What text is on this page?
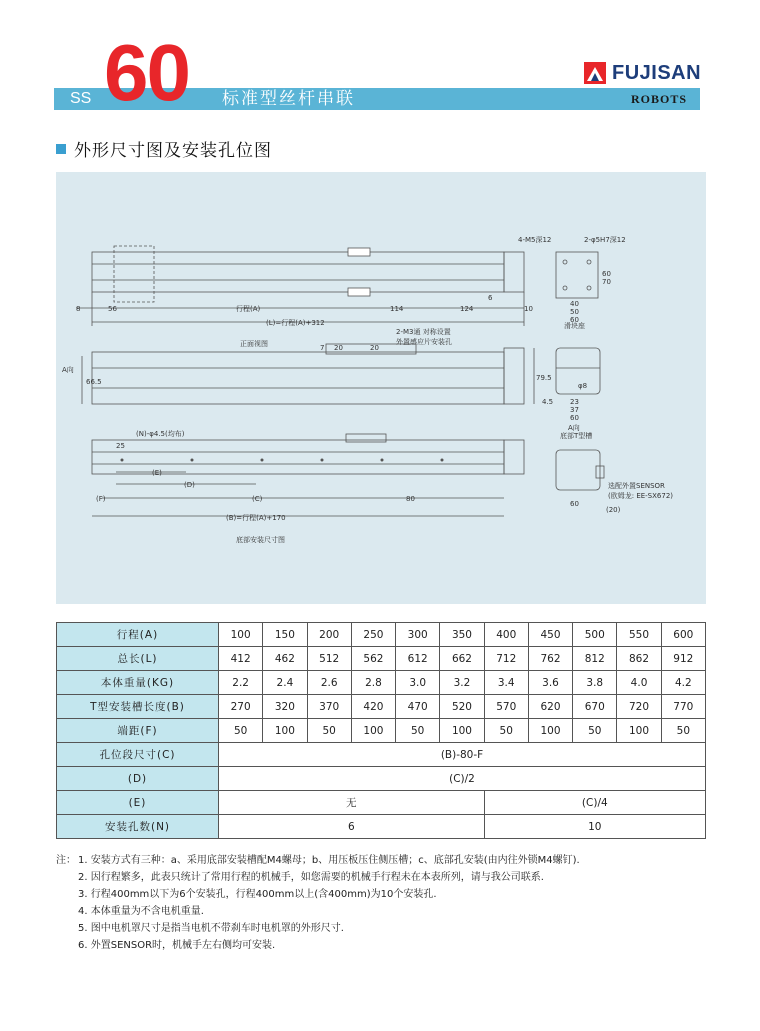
SS 60 标准型丝杆串联
FUJISAN
ROBOTS
外形尺寸图及安装孔位图
8	56	行程(A)	114	124	10
6
(L)=行程(A)+312
正面视图
2-M3通 对称设置
外置感应片安装孔
20	20
7
A向
66.5	79.5
(N)-φ4.5(均布)
25
(E)
(D)
(F)	(C)	80
(B)=行程(A)+170
底部安装尺寸图
4-M5深12	2-φ5H7深12
滑块座
40
50
60
70
60
4.5
φ8
23
37
60
A向
底部T型槽
选配外置SENSOR
(欧姆龙: EE-SX672)
60
(20)
行程(A)	100	150	200	250	300	350	400	450	500	550	600
总长(L)	412	462	512	562	612	662	712	762	812	862	912
本体重量(KG)	2.2	2.4	2.6	2.8	3.0	3.2	3.4	3.6	3.8	4.0	4.2
T型安装槽长度(B)	270	320	370	420	470	520	570	620	670	720	770
端距(F)	50	100	50	100	50	100	50	100	50	100	50
孔位段尺寸(C)	(B)-80-F										
(D)	(C)/2										
(E)	无						(C)/4				
安装孔数(N)	6						10				
注： 1.
安装方式有三种：a、采用底部安装槽配M4螺母；b、用压板压住侧压槽；c、底部孔安装(由内往外锁M4螺钉).
2.
因行程繁多，此表只统计了常用行程的机械手，如您需要的机械手行程未在本表所列，请与我公司联系.
3.
行程400mm以下为6个安装孔，行程400mm以上(含400mm)为10个安装孔.
4.
本体重量为不含电机重量.
5.
图中电机罩尺寸是指当电机不带刹车时电机罩的外形尺寸.
6.
外置SENSOR时，机械手左右侧均可安装.
